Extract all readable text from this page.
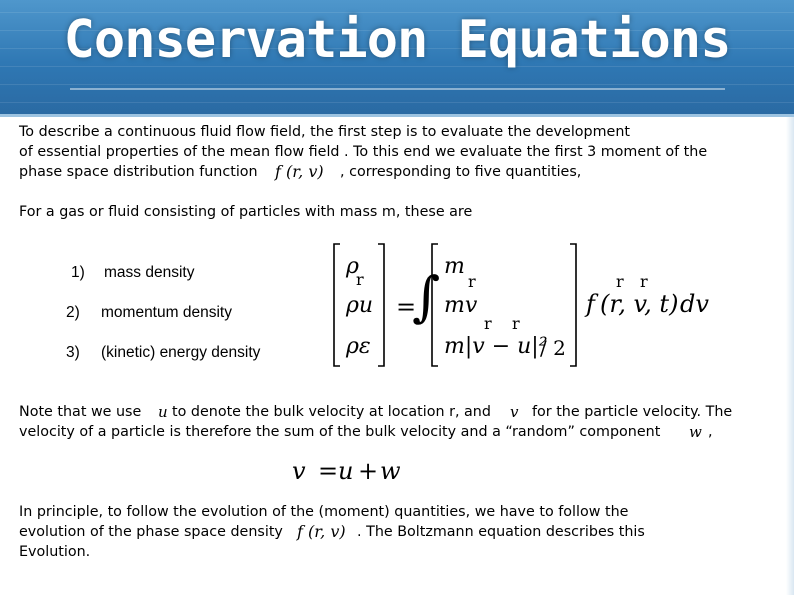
Conservation Equations
To describe a continuous fluid flow field, the first step is to evaluate the development
of essential properties of the mean flow field . To this end we evaluate the first 3 moment of the
phase space distribution function f (r, v) , corresponding to five quantities,
For a gas or fluid consisting of particles with mass m, these are
1) mass density
2) momentum density
3) (kinetic) energy density
ρ
ρu
ρε
r
=
∫ m
mv
m|v − u|²
/ 2
r
r r
f (r, v, t) dv
r r
Note that we use u to denote the bulk velocity at location r, and v for the particle velocity. The
velocity of a particle is therefore the sum of the bulk velocity and a “random” component w ,
v = u + w
In principle, to follow the evolution of the (moment) quantities, we have to follow the
evolution of the phase space density f (r, v) . The Boltzmann equation describes this
Evolution.
